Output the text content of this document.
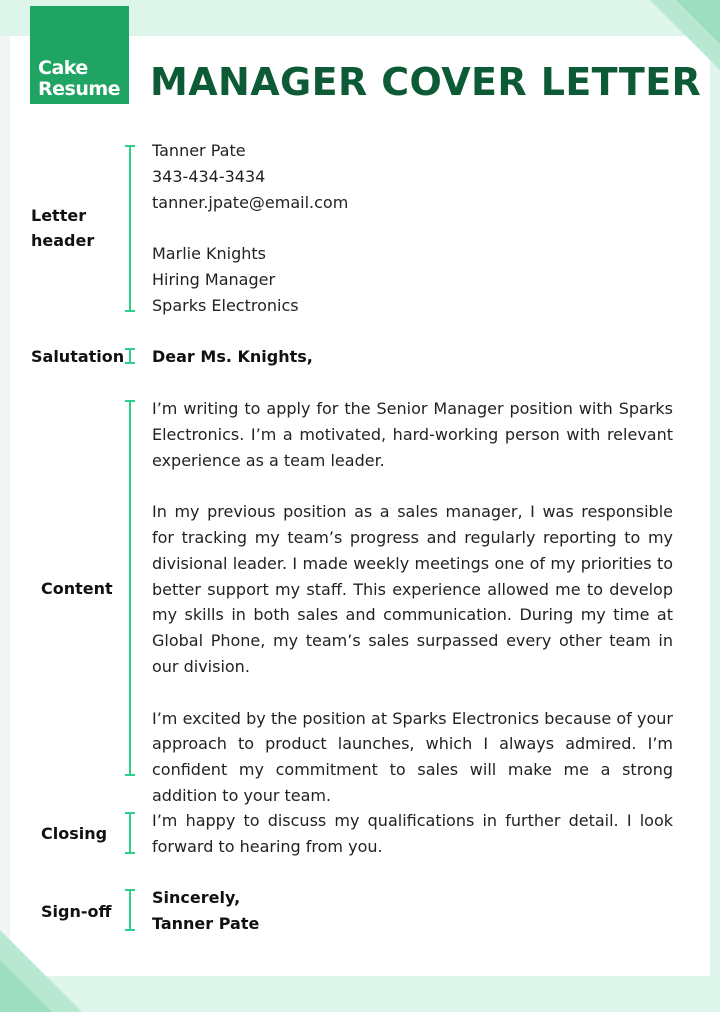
Cake
Resume MANAGER COVER LETTER
Letter
header
Tanner Pate
343-434-3434
tanner.jpate@email.com
Marlie Knights
Hiring Manager
Sparks Electronics
Salutation	Dear Ms. Knights,
Content

I’m writing to apply for the Senior Manager position with Sparks Electronics. I’m a motivated, hard-working person with relevant experience as a team leader.

In my previous position as a sales manager, I was responsible for tracking my team’s progress and regularly reporting to my divisional leader. I made weekly meetings one of my priorities to better support my staff. This experience allowed me to develop my skills in both sales and communication. During my time at Global Phone, my team’s sales surpassed every other team in our division.

I’m excited by the position at Sparks Electronics because of your approach to product launches, which I always admired. I’m confident my commitment to sales will make me a strong addition to your team.

Closing

I’m happy to discuss my qualifications in further detail. I look forward to hearing from you.

Sign-off
Sincerely,
Tanner Pate
